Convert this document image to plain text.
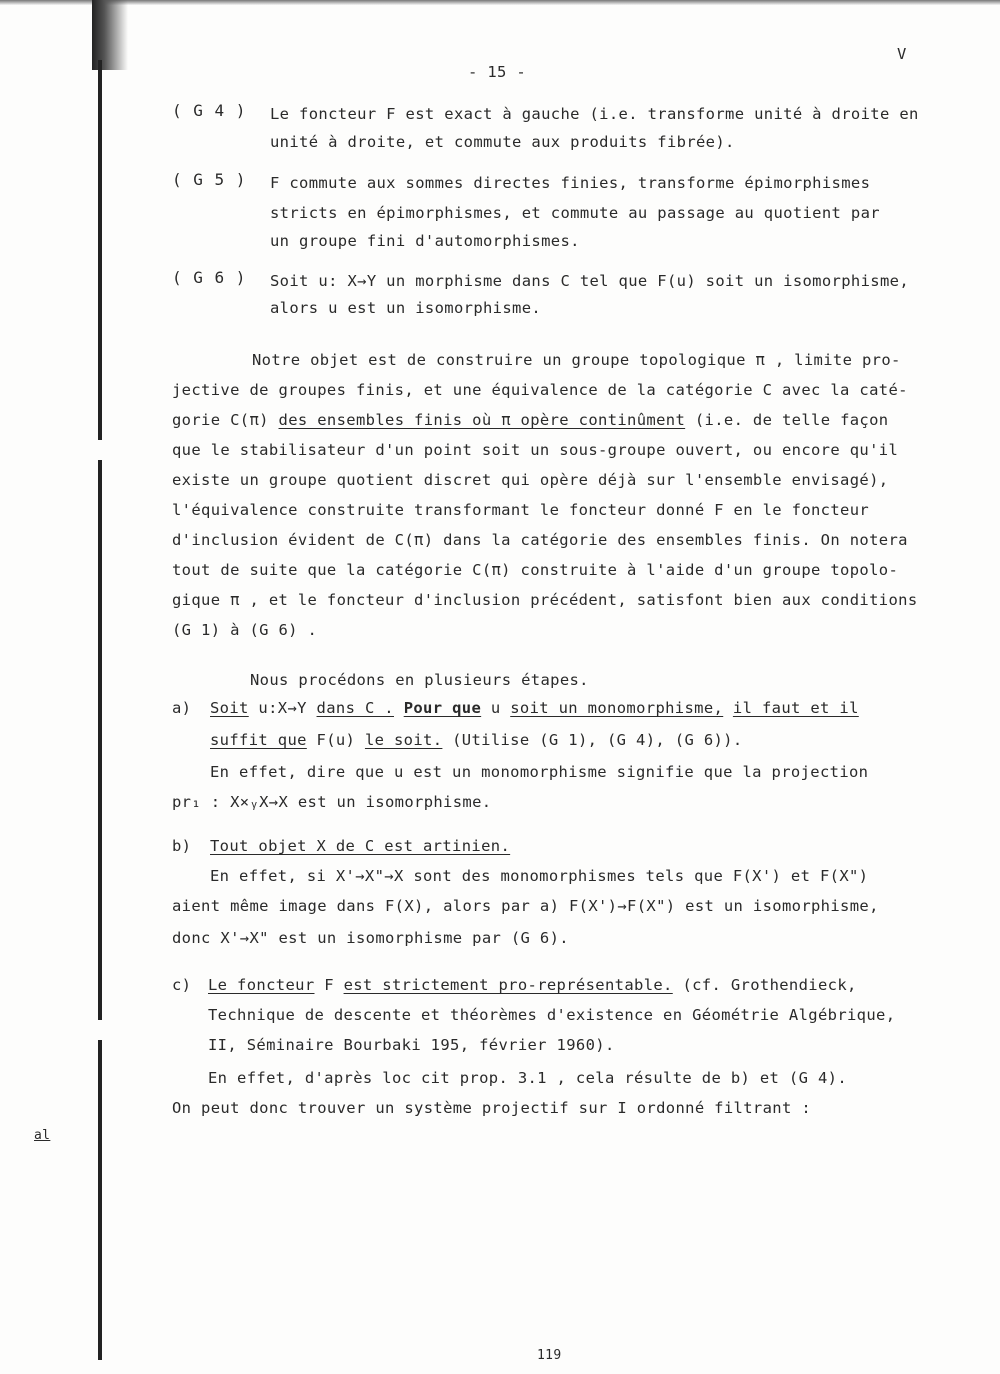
V
- 15 -
( G 4 ) Le foncteur F est exact à gauche (i.e. transforme unité à droite en
unité à droite, et commute aux produits fibrée).
( G 5 ) F commute aux sommes directes finies, transforme épimorphismes
stricts en épimorphismes, et commute au passage au quotient par
un groupe fini d'automorphismes.
( G 6 ) Soit u: X→Y un morphisme dans C tel que F(u) soit un isomorphisme,
alors u est un isomorphisme.
Notre objet est de construire un groupe topologique π , limite pro-
jective de groupes finis, et une équivalence de la catégorie C avec la caté-
gorie C(π) des ensembles finis où π opère continûment (i.e. de telle façon
que le stabilisateur d'un point soit un sous-groupe ouvert, ou encore qu'il
existe un groupe quotient discret qui opère déjà sur l'ensemble envisagé),
l'équivalence construite transformant le foncteur donné F en le foncteur
d'inclusion évident de C(π) dans la catégorie des ensembles finis. On notera
tout de suite que la catégorie C(π) construite à l'aide d'un groupe topolo-
gique π , et le foncteur d'inclusion précédent, satisfont bien aux conditions
(G 1) à (G 6) .
Nous procédons en plusieurs étapes.
a) Soit u:X→Y dans C . Pour que u soit un monomorphisme, il faut et il
suffit que F(u) le soit. (Utilise (G 1), (G 4), (G 6)).
En effet, dire que u est un monomorphisme signifie que la projection
pr₁ : X×ᵧX→X est un isomorphisme.
b) Tout objet X de C est artinien.
En effet, si X'→X"→X sont des monomorphismes tels que F(X') et F(X")
aient même image dans F(X), alors par a) F(X')→F(X") est un isomorphisme,
donc X'→X" est un isomorphisme par (G 6).
c) Le foncteur F est strictement pro-représentable. (cf. Grothendieck,
Technique de descente et théorèmes d'existence en Géométrie Algébrique,
II, Séminaire Bourbaki 195, février 1960).
En effet, d'après loc cit prop. 3.1 , cela résulte de b) et (G 4).
On peut donc trouver un système projectif sur I ordonné filtrant :
al
119
